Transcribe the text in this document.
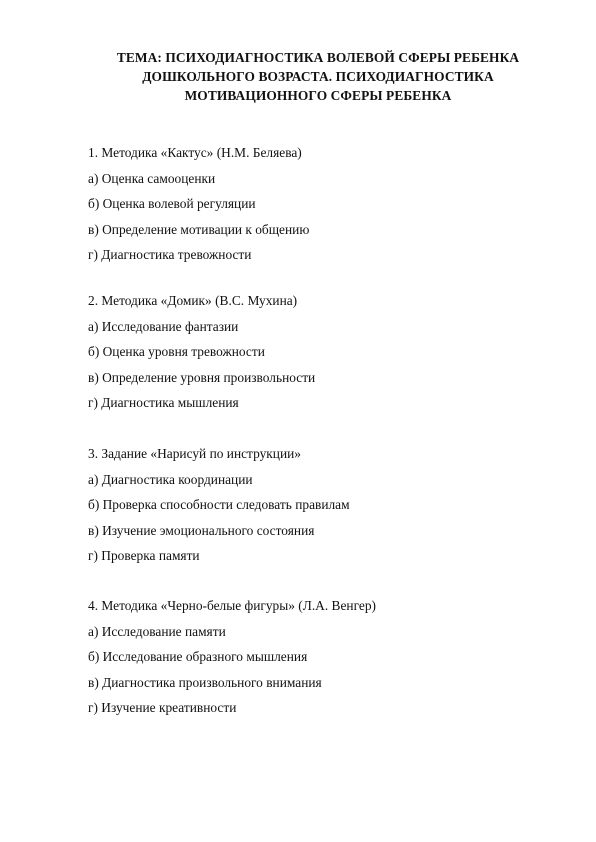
ТЕМА: ПСИХОДИАГНОСТИКА ВОЛЕВОЙ СФЕРЫ РЕБЕНКА
ДОШКОЛЬНОГО ВОЗРАСТА. ПСИХОДИАГНОСТИКА
МОТИВАЦИОННОГО СФЕРЫ РЕБЕНКА
1. Методика «Кактус» (Н.М. Беляева)
а) Оценка самооценки
б) Оценка волевой регуляции
в) Определение мотивации к общению
г) Диагностика тревожности
2. Методика «Домик» (В.С. Мухина)
а) Исследование фантазии
б) Оценка уровня тревожности
в) Определение уровня произвольности
г) Диагностика мышления
3. Задание «Нарисуй по инструкции»
а) Диагностика координации
б) Проверка способности следовать правилам
в) Изучение эмоционального состояния
г) Проверка памяти
4. Методика «Черно-белые фигуры» (Л.А. Венгер)
а) Исследование памяти
б) Исследование образного мышления
в) Диагностика произвольного внимания
г) Изучение креативности
